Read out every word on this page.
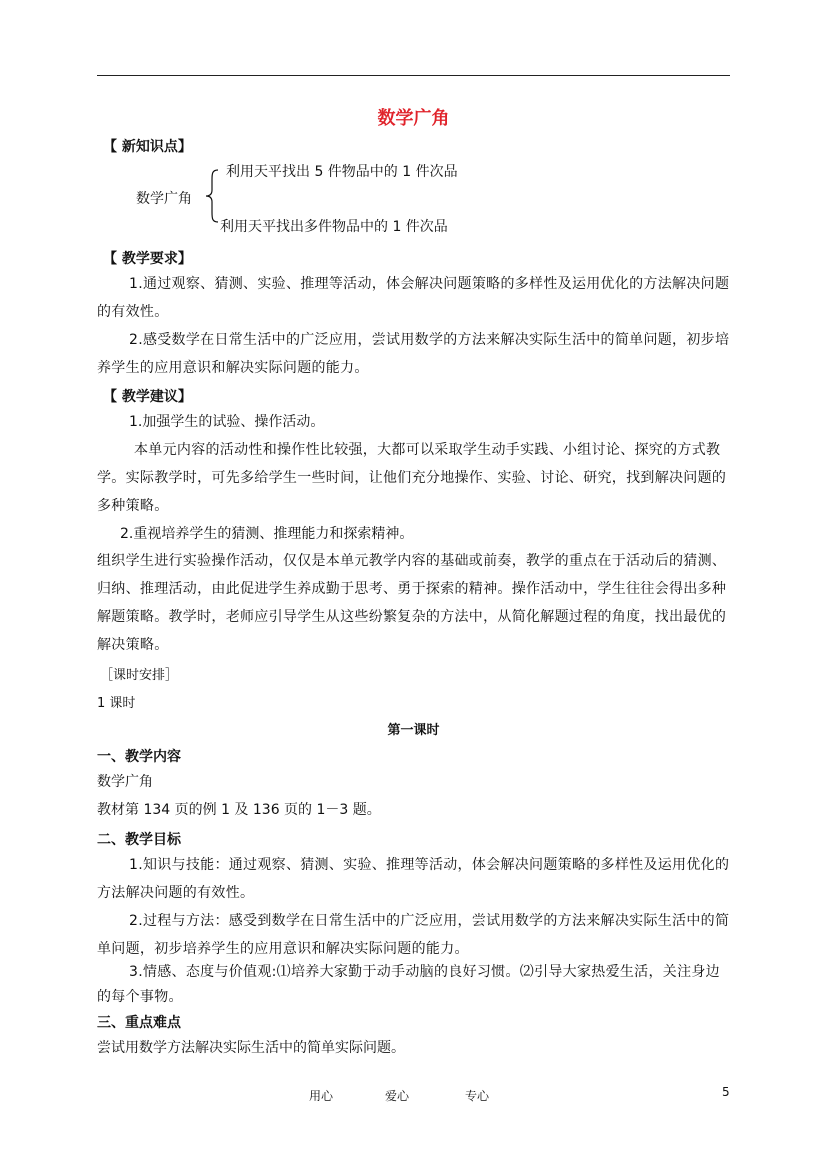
数学广角
【 新知识点】
数学广角
利用天平找出 5 件物品中的 1 件次品
利用天平找出多件物品中的 1 件次品
【 教学要求】
1.通过观察、猜测、实验、推理等活动，体会解决问题策略的多样性及运用优化的方法解决问题的有效性。
2.感受数学在日常生活中的广泛应用，尝试用数学的方法来解决实际生活中的简单问题，初步培养学生的应用意识和解决实际问题的能力。
【 教学建议】
1.加强学生的试验、操作活动。
本单元内容的活动性和操作性比较强，大都可以采取学生动手实践、小组讨论、探究的方式教学。实际教学时，可先多给学生一些时间，让他们充分地操作、实验、讨论、研究，找到解决问题的多种策略。
2.重视培养学生的猜测、推理能力和探索精神。
组织学生进行实验操作活动，仅仅是本单元教学内容的基础或前奏，教学的重点在于活动后的猜测、归纳、推理活动，由此促进学生养成勤于思考、勇于探索的精神。操作活动中，学生往往会得出多种解题策略。教学时，老师应引导学生从这些纷繁复杂的方法中，从简化解题过程的角度，找出最优的解决策略。
［课时安排］
1 课时
第一课时
一、教学内容
数学广角
教材第 134 页的例 1 及 136 页的 1－3 题。
二、教学目标
1.知识与技能：通过观察、猜测、实验、推理等活动，体会解决问题策略的多样性及运用优化的方法解决问题的有效性。
2.过程与方法：感受到数学在日常生活中的广泛应用，尝试用数学的方法来解决实际生活中的简单问题，初步培养学生的应用意识和解决实际问题的能力。
3.情感、态度与价值观:⑴培养大家勤于动手动脑的良好习惯。⑵引导大家热爱生活，关注身边的每个事物。
三、重点难点
尝试用数学方法解决实际生活中的简单实际问题。
用心	爱心	专心	5
